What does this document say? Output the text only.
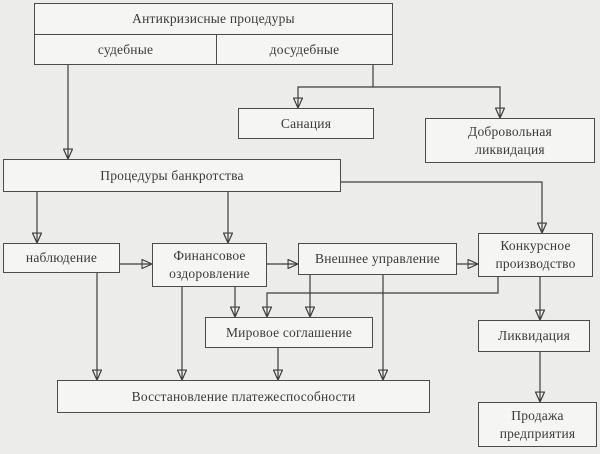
Антикризисные процедуры
судебные	досудебные
Санация
Добровольная ликвидация
Процедуры банкротства
наблюдение	Финансовое оздоровление
Внешнее управление
Конкурсное производство
Мировое соглашение
Восстановление платежеспособности
Ликвидация
Продажа предприятия
